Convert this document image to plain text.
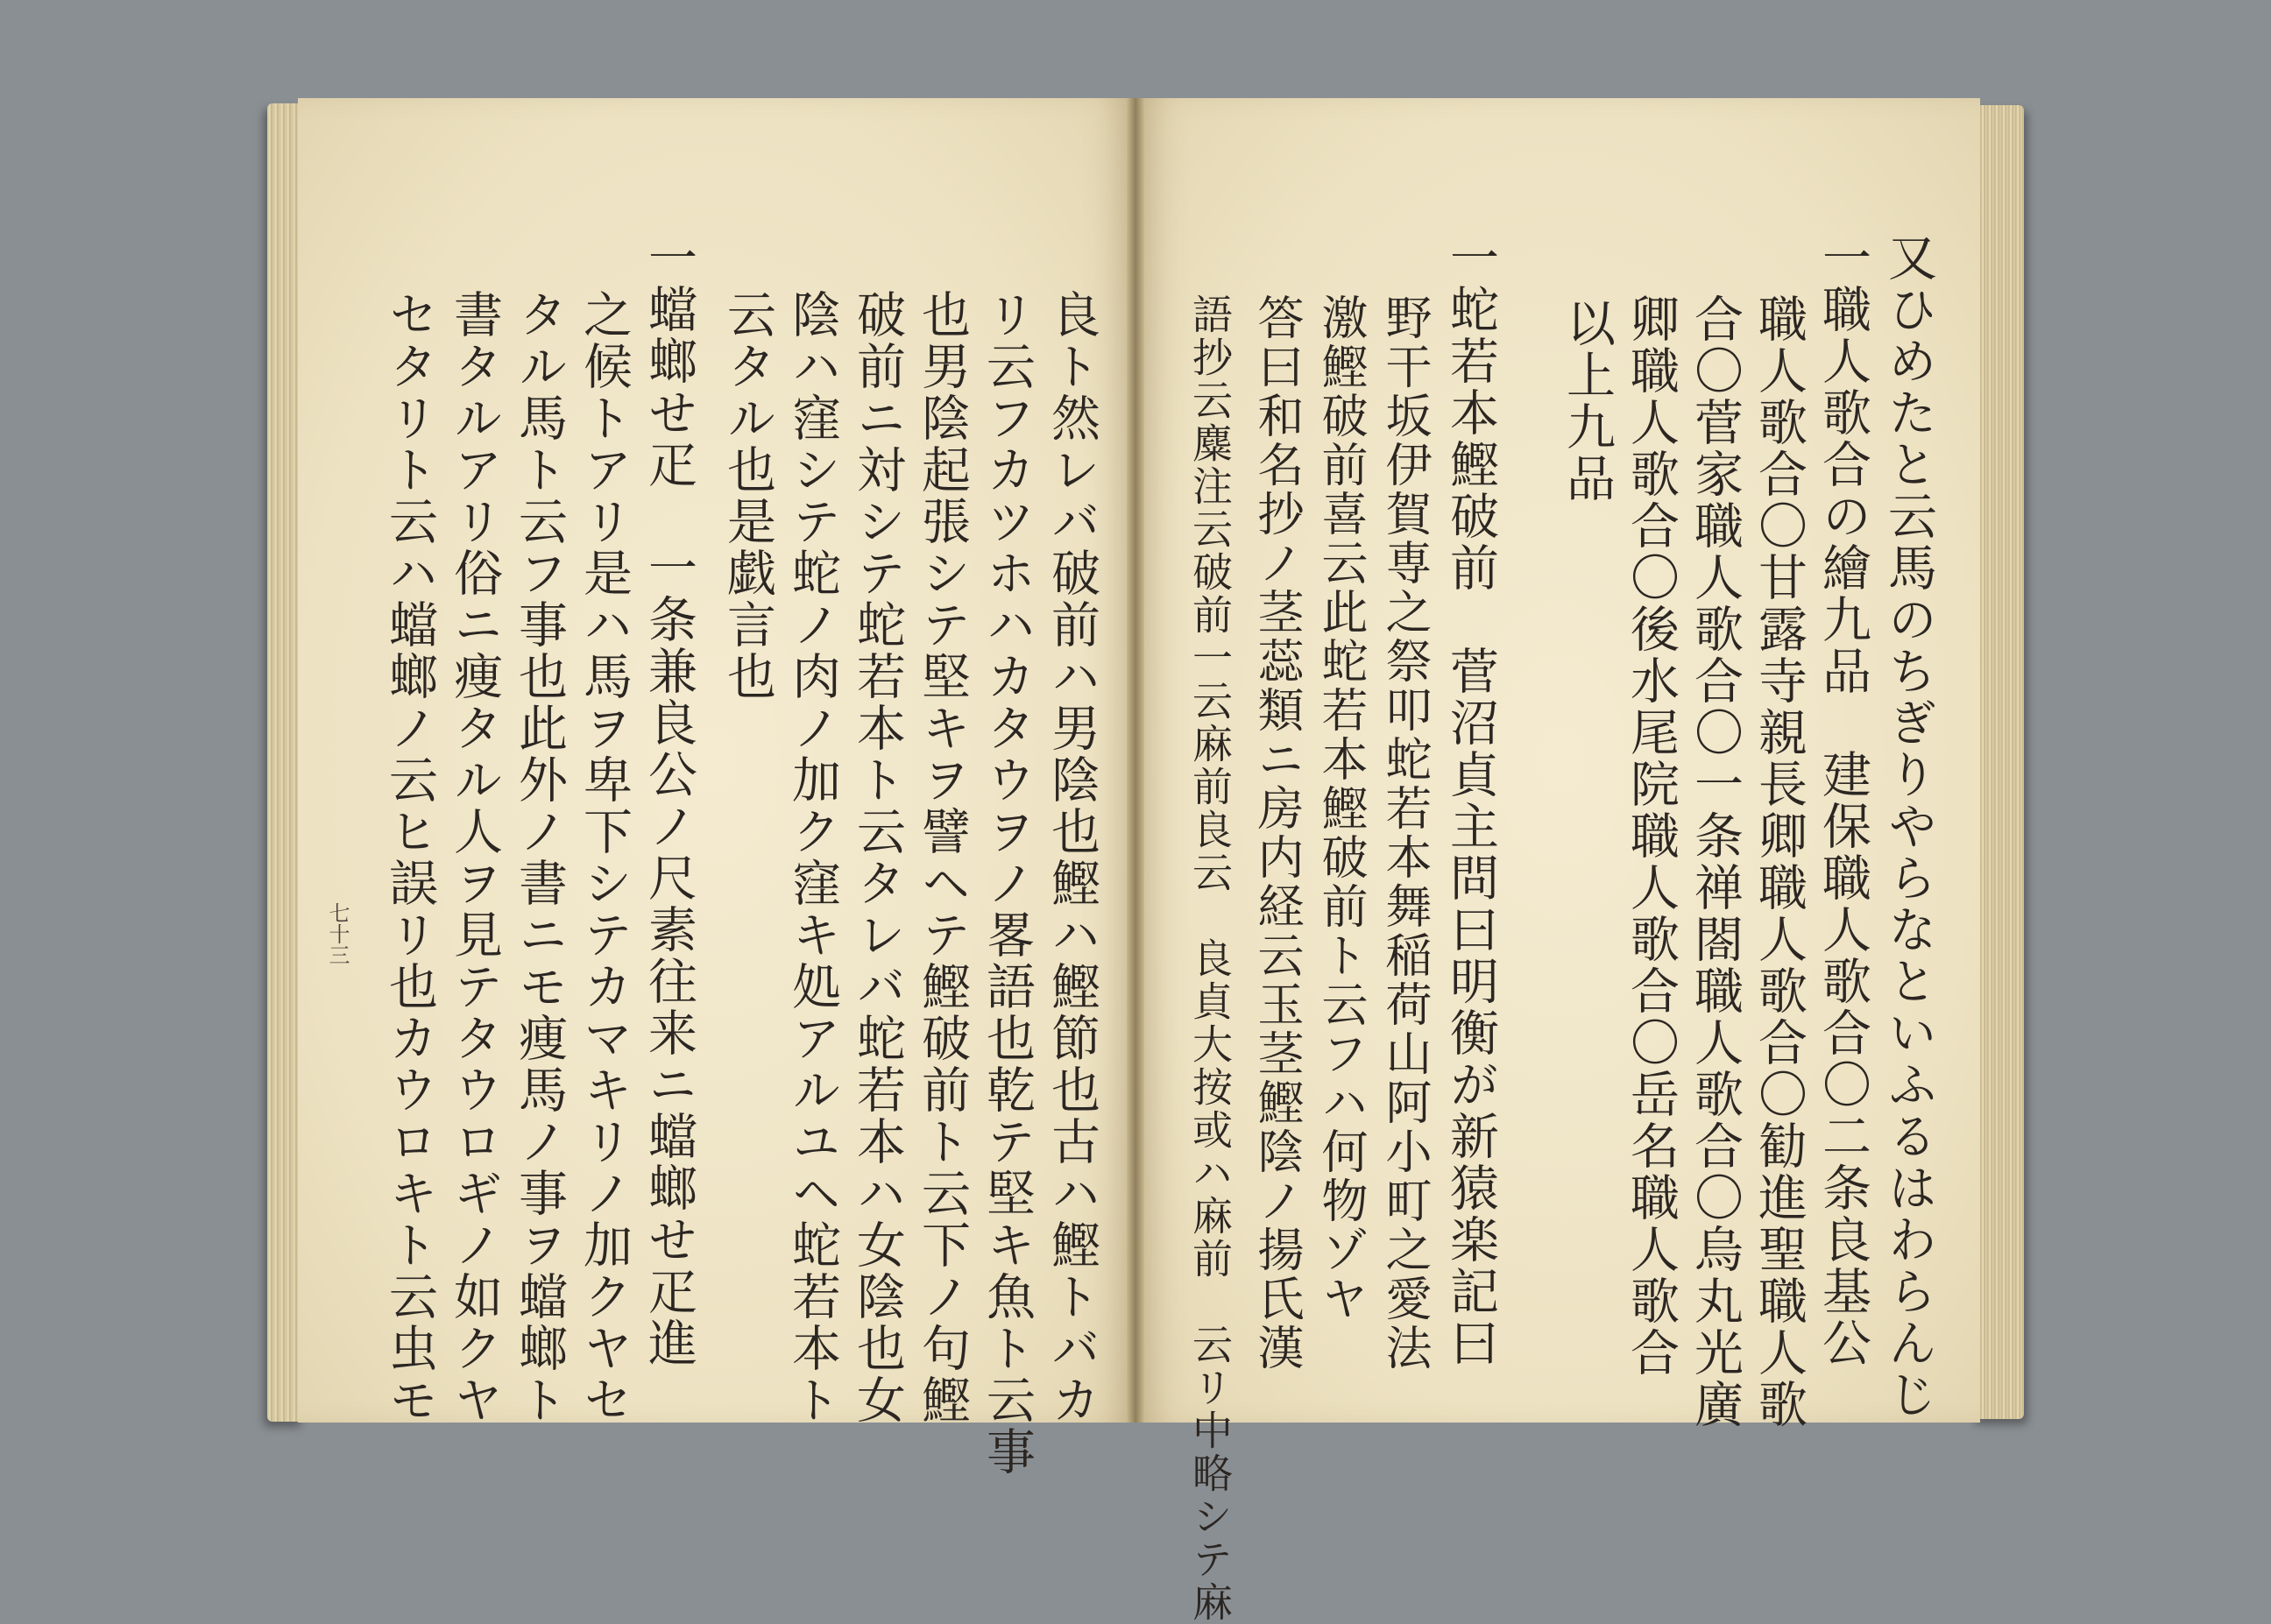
又ひめたと云馬のちぎりやらなといふるはわらんじ
一職人歌合の繪九品　建保職人歌合〇二条良基公
職人歌合〇甘露寺親長卿職人歌合〇勧進聖職人歌
合〇菅家職人歌合〇一条禅閤職人歌合〇烏丸光廣
卿職人歌合〇後水尾院職人歌合〇岳名職人歌合
以上九品
一蛇若本鰹破前　菅沼貞主問曰明衡が新猿楽記曰
野干坂伊賀専之祭叩蛇若本舞稲荷山阿小町之愛法
激鰹破前喜云此蛇若本鰹破前ト云フハ何物ゾヤ
答曰和名抄ノ茎蕊類ニ房内経云玉茎鰹陰ノ揚氏漢
語抄云麋注云破前一云麻前良云　良貞大按或ハ麻前　云リ中略シテ麻
良ト然レバ破前ハ男陰也鰹ハ鰹節也古ハ鰹トバカ
リ云フカツホハカタウヲノ畧語也乾テ堅キ魚ト云事
也男陰起張シテ堅キヲ譬ヘテ鰹破前ト云下ノ句鰹
破前ニ対シテ蛇若本ト云タレバ蛇若本ハ女陰也女
陰ハ窪シテ蛇ノ肉ノ加ク窪キ処アルユヘ蛇若本ト
云タル也是戯言也
一蟷螂せ疋　一条兼良公ノ尺素往来ニ蟷螂せ疋進
之候トアリ是ハ馬ヲ卑下シテカマキリノ加クヤセ
タル馬ト云フ事也此外ノ書ニモ痩馬ノ事ヲ蟷螂ト
書タルアリ俗ニ痩タル人ヲ見テタウロギノ如クヤ
セタリト云ハ蟷螂ノ云ヒ誤リ也カウロキト云虫モ
七十三
